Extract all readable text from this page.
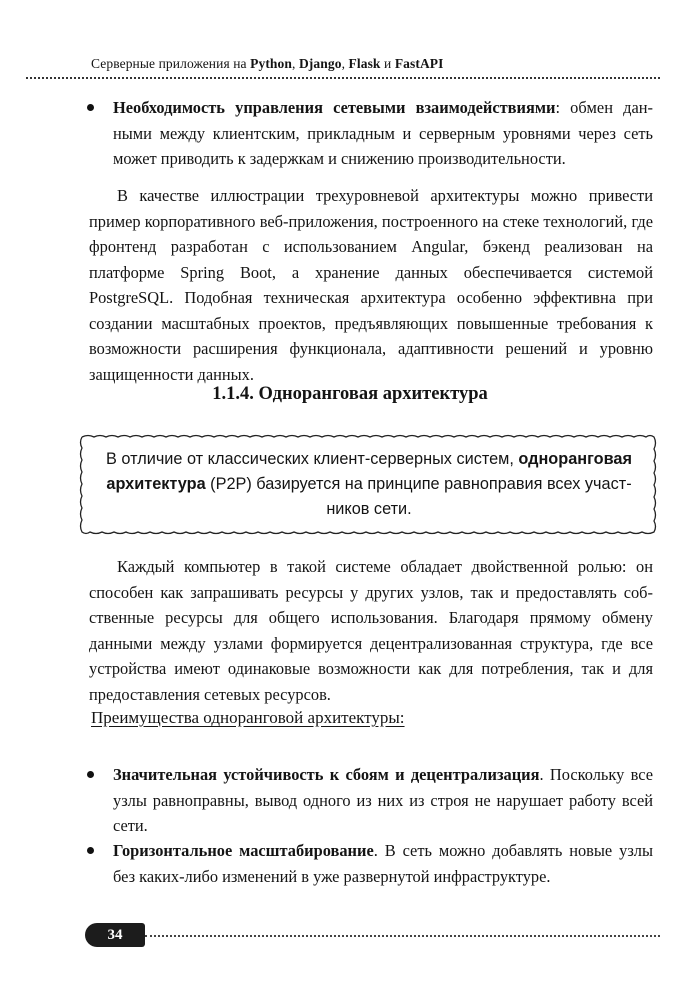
Серверные приложения на Python, Django, Flask и FastAPI
Необходимость управления сетевыми взаимодействиями: обмен данными между клиентским, прикладным и серверным уровнями через сеть может приводить к задержкам и снижению производительности.
В качестве иллюстрации трехуровневой архитектуры можно привести пример корпоративного веб-приложения, построенного на стеке технологий, где фронтенд разработан с использованием Angular, бэкенд реализован на платформе Spring Boot, а хранение данных обеспечивается системой PostgreSQL. Подобная техническая архитектура особенно эффективна при создании масштабных проектов, предъявляющих повышенные требования к возможности расширения функционала, адаптивности решений и уровню защищенности данных.
1.1.4. Одноранговая архитектура
В отличие от классических клиент-серверных систем, одноранговая архитектура (P2P) базируется на принципе равноправия всех участников сети.
Каждый компьютер в такой системе обладает двойственной ролью: он способен как запрашивать ресурсы у других узлов, так и предоставлять собственные ресурсы для общего использования. Благодаря прямому обмену данными между узлами формируется децентрализованная структура, где все устройства имеют одинаковые возможности как для потребления, так и для предоставления сетевых ресурсов.
Преимущества одноранговой архитектуры:
Значительная устойчивость к сбоям и децентрализация. Поскольку все узлы равноправны, вывод одного из них из строя не нарушает работу всей сети.
Горизонтальное масштабирование. В сеть можно добавлять новые узлы без каких-либо изменений в уже развернутой инфраструктуре.
34
